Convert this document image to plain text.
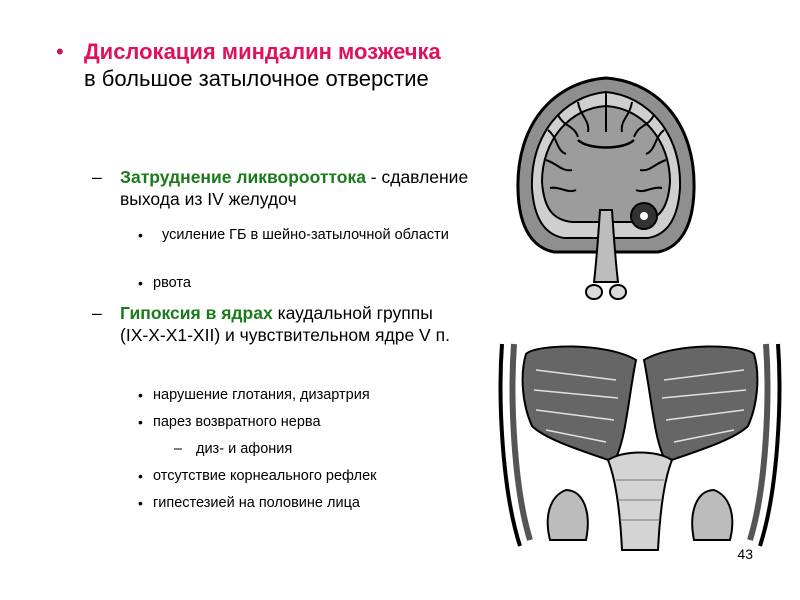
• Дислокация миндалин мозжечка в большое затылочное отверстие
– Затруднение ликворооттока - сдавление выхода из IV желудоч
• усиление ГБ в шейно-затылочной области
• рвота
– Гипоксия в ядрах каудальной группы (IX-X-X1-XII) и чувствительном ядре V п.
• нарушение глотания, дизартрия
• парез возвратного нерва
– диз- и афония
• отсутствие корнеального рефлек
• гипестезией на половине лица
43
